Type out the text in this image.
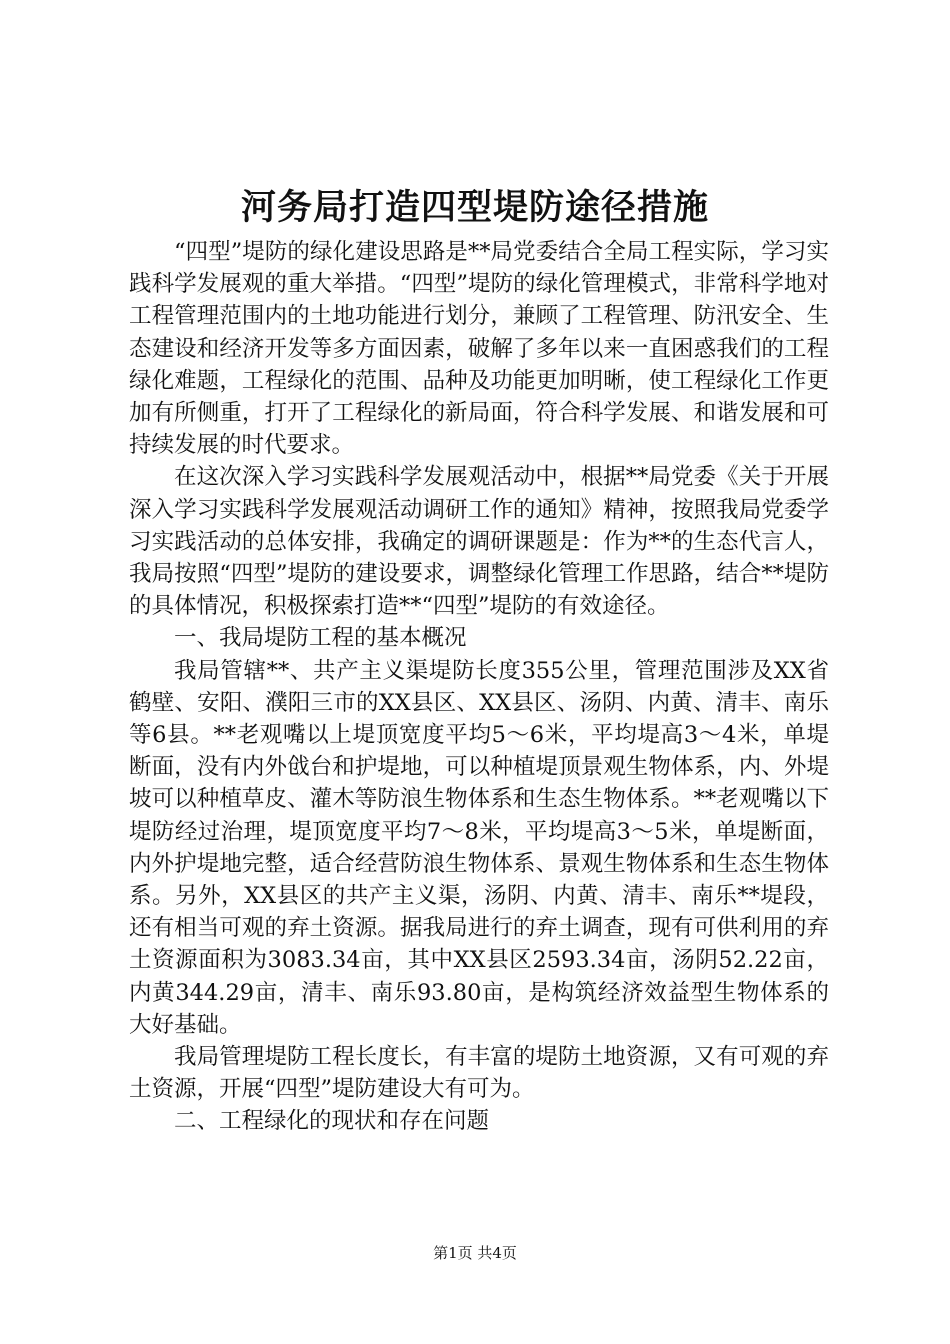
河务局打造四型堤防途径措施

“四型”堤防的绿化建设思路是**局党委结合全局工程实际，学习实践科学发展观的重大举措。“四型”堤防的绿化管理模式，非常科学地对工程管理范围内的土地功能进行划分，兼顾了工程管理、防汛安全、生态建设和经济开发等多方面因素，破解了多年以来一直困惑我们的工程绿化难题，工程绿化的范围、品种及功能更加明晰，使工程绿化工作更加有所侧重，打开了工程绿化的新局面，符合科学发展、和谐发展和可持续发展的时代要求。

在这次深入学习实践科学发展观活动中，根据**局党委《关于开展深入学习实践科学发展观活动调研工作的通知》精神，按照我局党委学习实践活动的总体安排，我确定的调研课题是：作为**的生态代言人，我局按照“四型”堤防的建设要求，调整绿化管理工作思路，结合**堤防的具体情况，积极探索打造**“四型”堤防的有效途径。

一、我局堤防工程的基本概况

我局管辖**、共产主义渠堤防长度355公里，管理范围涉及XX省鹤壁、安阳、濮阳三市的XX县区、XX县区、汤阴、内黄、清丰、南乐等6县。**老观嘴以上堤顶宽度平均5～6米，平均堤高3～4米，单堤断面，没有内外戗台和护堤地，可以种植堤顶景观生物体系，内、外堤坡可以种植草皮、灌木等防浪生物体系和生态生物体系。**老观嘴以下堤防经过治理，堤顶宽度平均7～8米，平均堤高3～5米，单堤断面，内外护堤地完整，适合经营防浪生物体系、景观生物体系和生态生物体系。另外，XX县区的共产主义渠，汤阴、内黄、清丰、南乐**堤段，还有相当可观的弃土资源。据我局进行的弃土调查，现有可供利用的弃土资源面积为3083.34亩，其中XX县区2593.34亩，汤阴52.22亩，内黄344.29亩，清丰、南乐93.80亩，是构筑经济效益型生物体系的大好基础。

我局管理堤防工程长度长，有丰富的堤防土地资源，又有可观的弃土资源，开展“四型”堤防建设大有可为。

二、工程绿化的现状和存在问题

第1页 共4页
